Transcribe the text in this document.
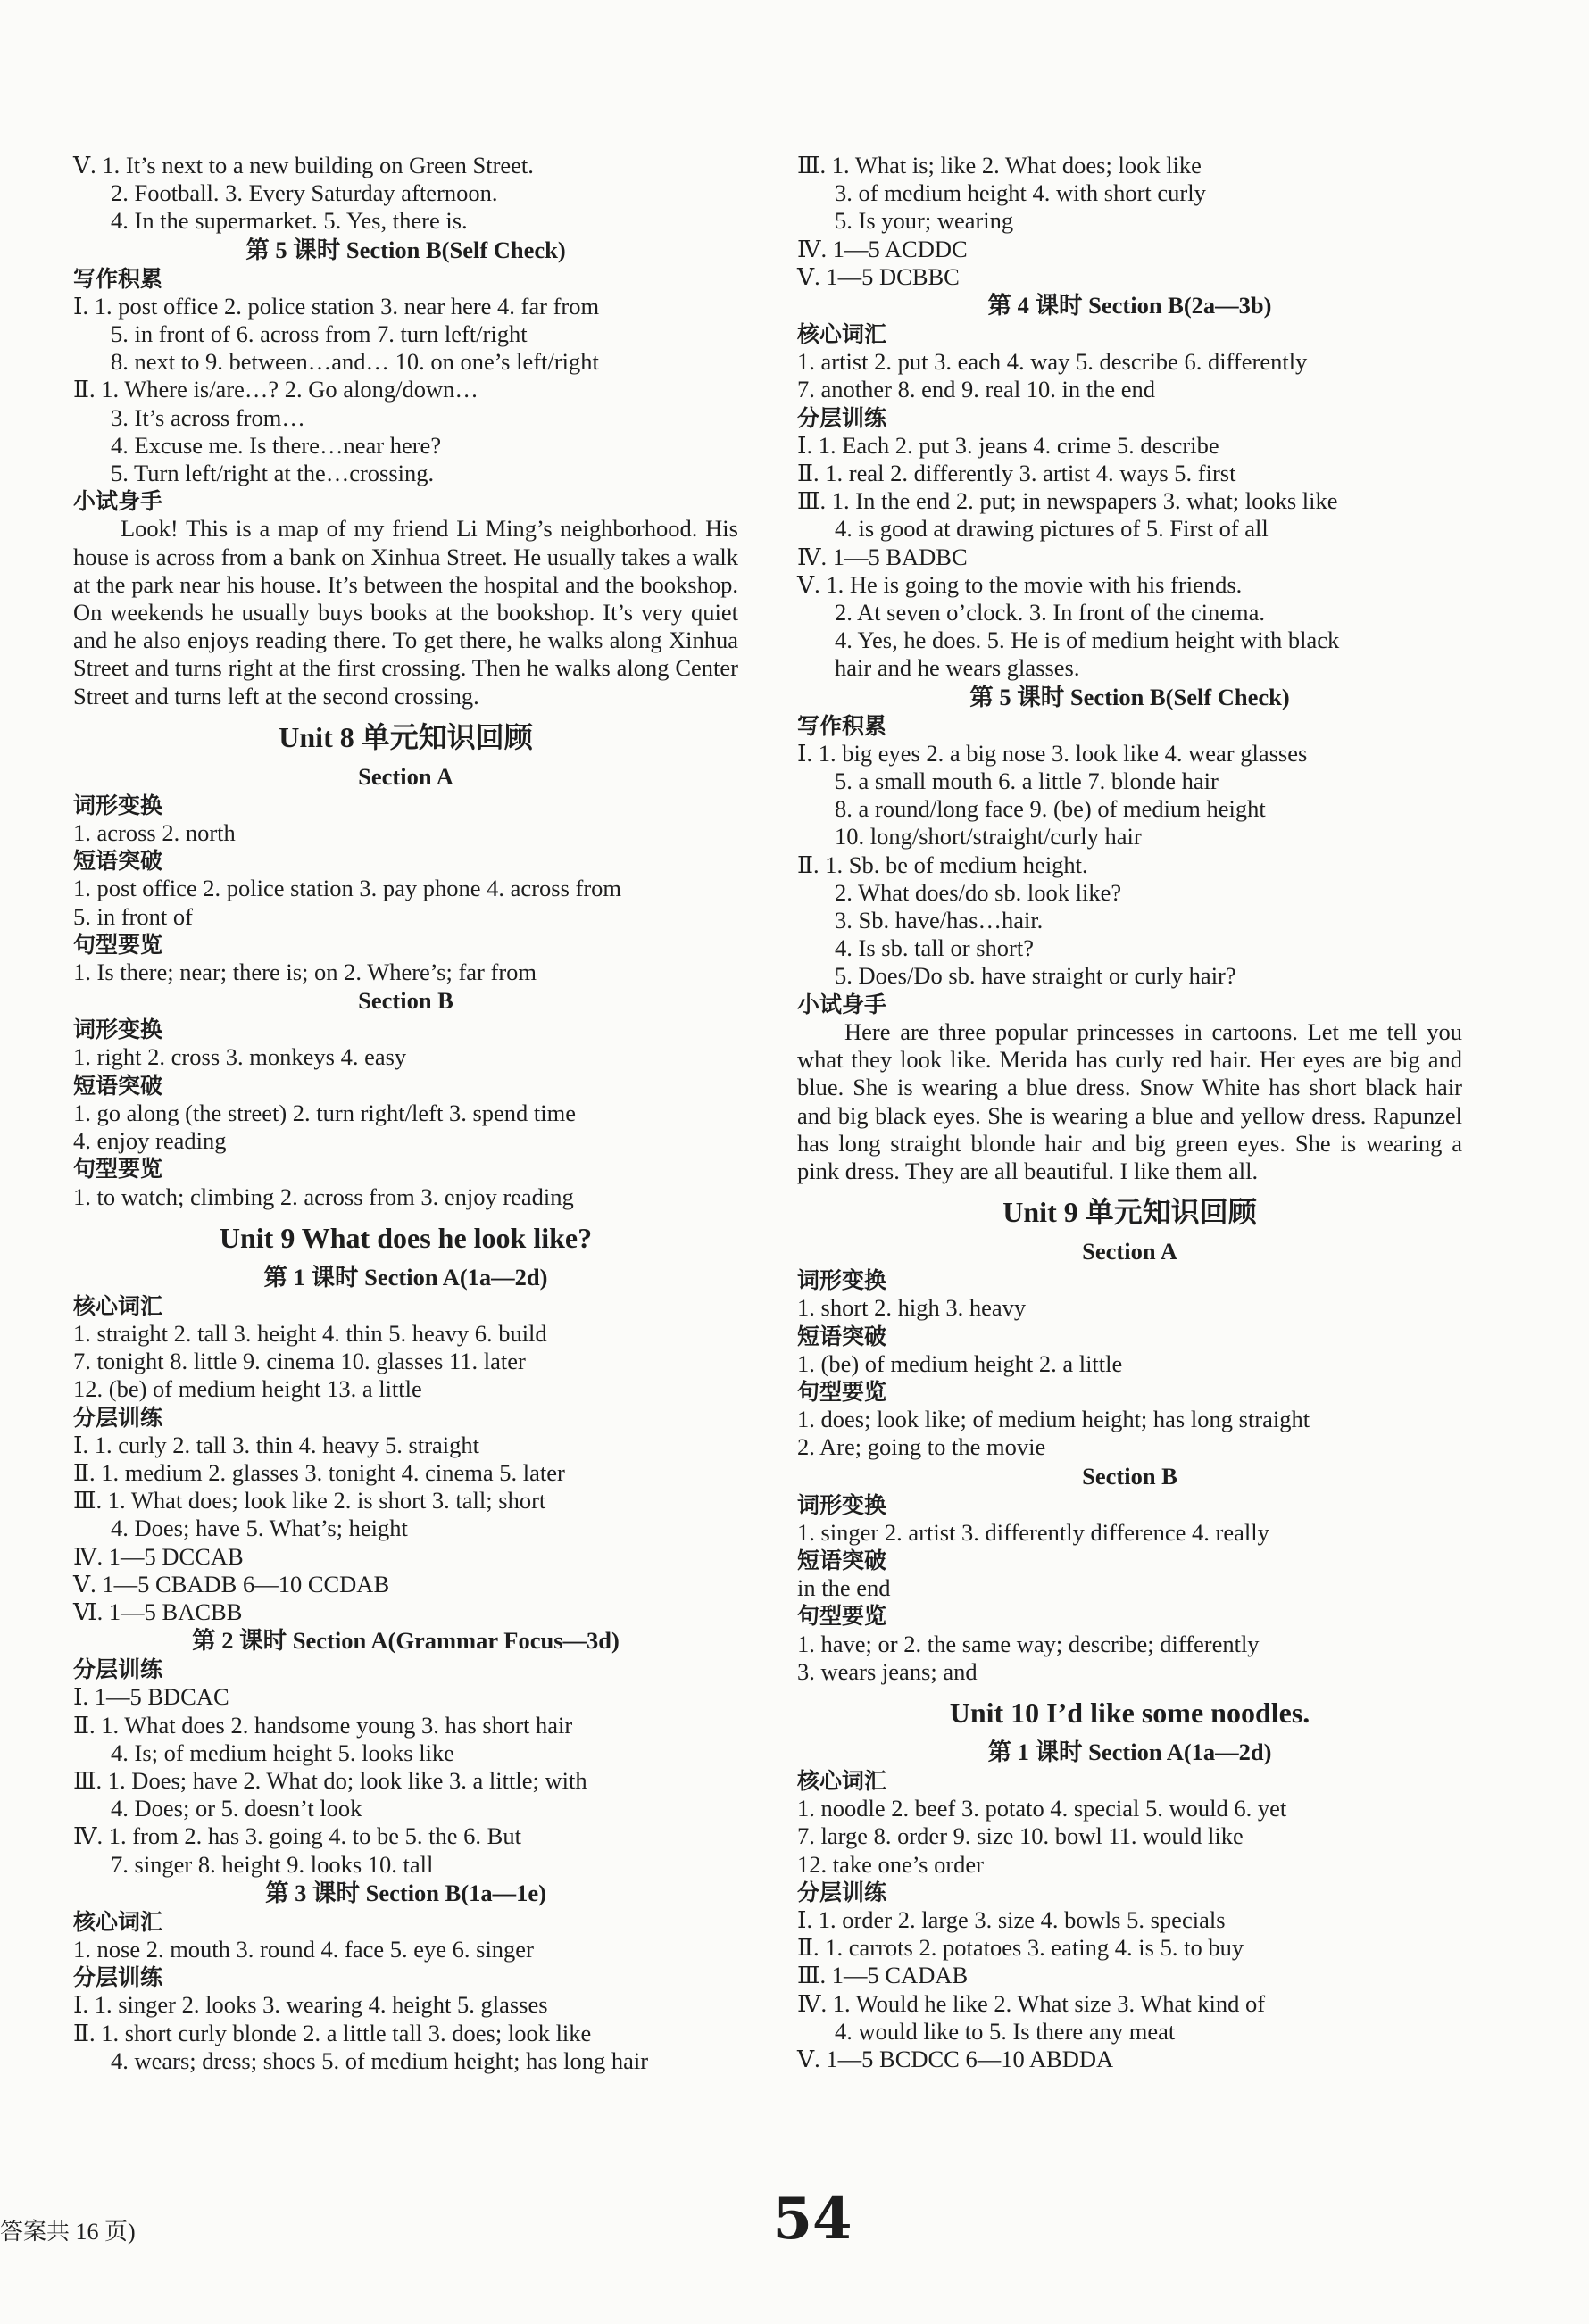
Ⅴ. 1. It’s next to a new building on Green Street.
2. Football. 3. Every Saturday afternoon.
4. In the supermarket. 5. Yes, there is.
第 5 课时 Section B(Self Check)
写作积累
Ⅰ. 1. post office 2. police station 3. near here 4. far from
5. in front of 6. across from 7. turn left/right
8. next to 9. between…and… 10. on one’s left/right
Ⅱ. 1. Where is/are…? 2. Go along/down…
3. It’s across from…
4. Excuse me. Is there…near here?
5. Turn left/right at the…crossing.
小试身手
Look! This is a map of my friend Li Ming’s neighborhood. His house is across from a bank on Xinhua Street. He usually takes a walk at the park near his house. It’s between the hospital and the bookshop. On weekends he usually buys books at the bookshop. It’s very quiet and he also enjoys reading there. To get there, he walks along Xinhua Street and turns right at the first crossing. Then he walks along Center Street and turns left at the second crossing.
Unit 8 单元知识回顾
Section A
词形变换
1. across 2. north
短语突破
1. post office 2. police station 3. pay phone 4. across from
5. in front of
句型要览
1. Is there; near; there is; on 2. Where’s; far from
Section B
词形变换
1. right 2. cross 3. monkeys 4. easy
短语突破
1. go along (the street) 2. turn right/left 3. spend time
4. enjoy reading
句型要览
1. to watch; climbing 2. across from 3. enjoy reading
Unit 9 What does he look like?
第 1 课时 Section A(1a—2d)
核心词汇
1. straight 2. tall 3. height 4. thin 5. heavy 6. build
7. tonight 8. little 9. cinema 10. glasses 11. later
12. (be) of medium height 13. a little
分层训练
Ⅰ. 1. curly 2. tall 3. thin 4. heavy 5. straight
Ⅱ. 1. medium 2. glasses 3. tonight 4. cinema 5. later
Ⅲ. 1. What does; look like 2. is short 3. tall; short
4. Does; have 5. What’s; height
Ⅳ. 1—5 DCCAB
Ⅴ. 1—5 CBADB 6—10 CCDAB
Ⅵ. 1—5 BACBB
第 2 课时 Section A(Grammar Focus—3d)
分层训练
Ⅰ. 1—5 BDCAC
Ⅱ. 1. What does 2. handsome young 3. has short hair
4. Is; of medium height 5. looks like
Ⅲ. 1. Does; have 2. What do; look like 3. a little; with
4. Does; or 5. doesn’t look
Ⅳ. 1. from 2. has 3. going 4. to be 5. the 6. But
7. singer 8. height 9. looks 10. tall
第 3 课时 Section B(1a—1e)
核心词汇
1. nose 2. mouth 3. round 4. face 5. eye 6. singer
分层训练
Ⅰ. 1. singer 2. looks 3. wearing 4. height 5. glasses
Ⅱ. 1. short curly blonde 2. a little tall 3. does; look like
4. wears; dress; shoes 5. of medium height; has long hair
Ⅲ. 1. What is; like 2. What does; look like
3. of medium height 4. with short curly
5. Is your; wearing
Ⅳ. 1—5 ACDDC
Ⅴ. 1—5 DCBBC
第 4 课时 Section B(2a—3b)
核心词汇
1. artist 2. put 3. each 4. way 5. describe 6. differently
7. another 8. end 9. real 10. in the end
分层训练
Ⅰ. 1. Each 2. put 3. jeans 4. crime 5. describe
Ⅱ. 1. real 2. differently 3. artist 4. ways 5. first
Ⅲ. 1. In the end 2. put; in newspapers 3. what; looks like
4. is good at drawing pictures of 5. First of all
Ⅳ. 1—5 BADBC
Ⅴ. 1. He is going to the movie with his friends.
2. At seven o’clock. 3. In front of the cinema.
4. Yes, he does. 5. He is of medium height with black
hair and he wears glasses.
第 5 课时 Section B(Self Check)
写作积累
Ⅰ. 1. big eyes 2. a big nose 3. look like 4. wear glasses
5. a small mouth 6. a little 7. blonde hair
8. a round/long face 9. (be) of medium height
10. long/short/straight/curly hair
Ⅱ. 1. Sb. be of medium height.
2. What does/do sb. look like?
3. Sb. have/has…hair.
4. Is sb. tall or short?
5. Does/Do sb. have straight or curly hair?
小试身手
Here are three popular princesses in cartoons. Let me tell you what they look like. Merida has curly red hair. Her eyes are big and blue. She is wearing a blue dress. Snow White has short black hair and big black eyes. She is wearing a blue and yellow dress. Rapunzel has long straight blonde hair and big green eyes. She is wearing a pink dress. They are all beautiful. I like them all.
Unit 9 单元知识回顾
Section A
词形变换
1. short 2. high 3. heavy
短语突破
1. (be) of medium height 2. a little
句型要览
1. does; look like; of medium height; has long straight
2. Are; going to the movie
Section B
词形变换
1. singer 2. artist 3. differently difference 4. really
短语突破
in the end
句型要览
1. have; or 2. the same way; describe; differently
3. wears jeans; and
Unit 10 I’d like some noodles.
第 1 课时 Section A(1a—2d)
核心词汇
1. noodle 2. beef 3. potato 4. special 5. would 6. yet
7. large 8. order 9. size 10. bowl 11. would like
12. take one’s order
分层训练
Ⅰ. 1. order 2. large 3. size 4. bowls 5. specials
Ⅱ. 1. carrots 2. potatoes 3. eating 4. is 5. to buy
Ⅲ. 1—5 CADAB
Ⅳ. 1. Would he like 2. What size 3. What kind of
4. would like to 5. Is there any meat
Ⅴ. 1—5 BCDCC 6—10 ABDDA
54
答案共 16 页)
